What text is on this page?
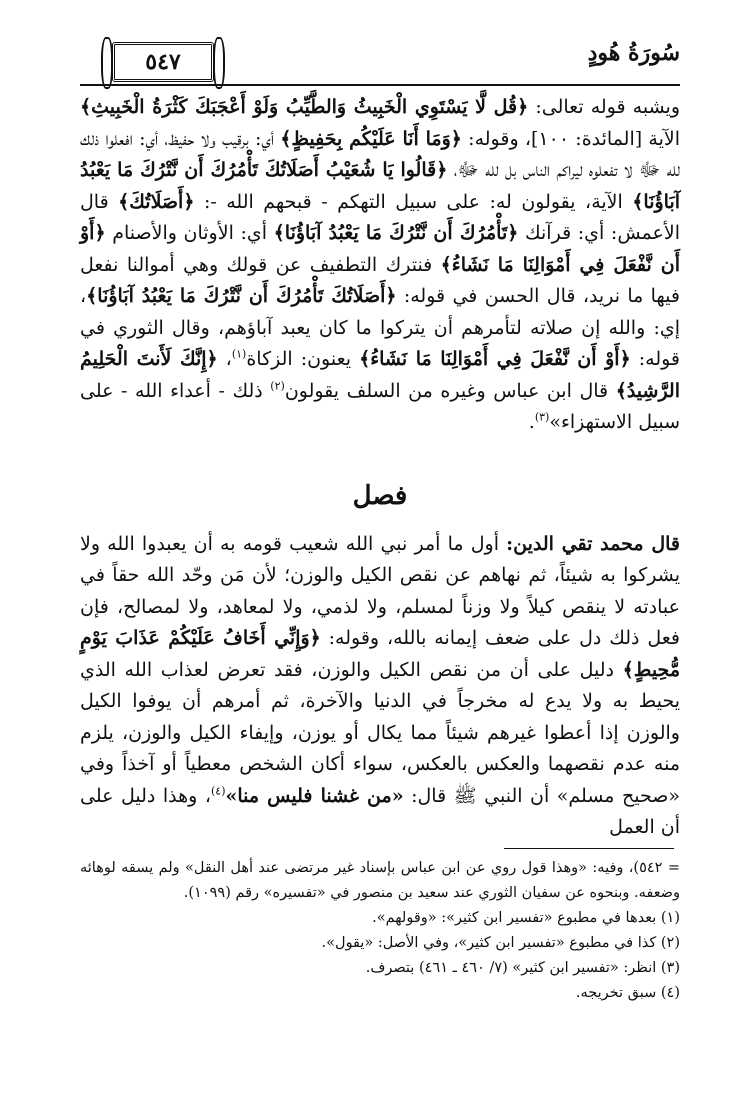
٥٤٧	سُورَةُ هُودٍ

ويشبه قوله تعالى: ﴿قُل لَّا يَسْتَوِي الْخَبِيثُ وَالطَّيِّبُ وَلَوْ أَعْجَبَكَ كَثْرَةُ الْخَبِيثِ﴾ الآية [المائدة: ١٠٠]، وقوله: ﴿وَمَا أَنَا عَلَيْكُم بِحَفِيظٍ﴾ أي: برقيب ولا حفيظ، أي: افعلوا ذلك لله ﷻ لا تفعلوه ليراكم الناس بل لله ﷻ، ﴿قَالُوا يَا شُعَيْبُ أَصَلَاتُكَ تَأْمُرُكَ أَن نَّتْرُكَ مَا يَعْبُدُ آبَاؤُنَا﴾ الآية، يقولون له: على سبيل التهكم - قبحهم الله -: ﴿أَصَلَاتُكَ﴾ قال الأعمش: أي: قرآنك ﴿تَأْمُرُكَ أَن نَّتْرُكَ مَا يَعْبُدُ آبَاؤُنَا﴾ أي: الأوثان والأصنام ﴿أَوْ أَن نَّفْعَلَ فِي أَمْوَالِنَا مَا نَشَاءُ﴾ فنترك التطفيف عن قولك وهي أموالنا نفعل فيها ما نريد، قال الحسن في قوله: ﴿أَصَلَاتُكَ تَأْمُرُكَ أَن نَّتْرُكَ مَا يَعْبُدُ آبَاؤُنَا﴾، إي: والله إن صلاته لتأمرهم أن يتركوا ما كان يعبد آباؤهم، وقال الثوري في قوله: ﴿أَوْ أَن نَّفْعَلَ فِي أَمْوَالِنَا مَا نَشَاءُ﴾ يعنون: الزكاة$^{(١)}$، ﴿إِنَّكَ لَأَنتَ الْحَلِيمُ الرَّشِيدُ﴾ قال ابن عباس وغيره من السلف يقولون$^{(٢)}$ ذلك - أعداء الله - على سبيل الاستهزاء»$^{(٣)}$.

فصل

قال محمد تقي الدين: أول ما أمر نبي الله شعيب قومه به أن يعبدوا الله ولا يشركوا به شيئاً، ثم نهاهم عن نقص الكيل والوزن؛ لأن مَن وحّد الله حقاً في عبادته لا ينقص كيلاً ولا وزناً لمسلم، ولا لذمي، ولا لمعاهد، ولا لمصالح، فإن فعل ذلك دل على ضعف إيمانه بالله، وقوله: ﴿وَإِنِّي أَخَافُ عَلَيْكُمْ عَذَابَ يَوْمٍ مُّحِيطٍ﴾ دليل على أن من نقص الكيل والوزن، فقد تعرض لعذاب الله الذي يحيط به ولا يدع له مخرجاً في الدنيا والآخرة، ثم أمرهم أن يوفوا الكيل والوزن إذا أعطوا غيرهم شيئاً مما يكال أو يوزن، وإيفاء الكيل والوزن، يلزم منه عدم نقصهما والعكس بالعكس، سواء أكان الشخص معطياً أو آخذاً وفي «صحيح مسلم» أن النبي ﷺ قال: «من غشنا فليس منا»$^{(٤)}$، وهذا دليل على أن العمل

= ٥٤٢)، وفيه: «وهذا قول روي عن ابن عباس بإسناد غير مرتضى عند أهل النقل» ولم يسقه لوهائه وضعفه. وبنحوه عن سفيان الثوري عند سعيد بن منصور في «تفسيره» رقم (١٠٩٩).

(١) بعدها في مطبوع «تفسير ابن كثير»: «وقولهم».

(٢) كذا في مطبوع «تفسير ابن كثير»، وفي الأصل: «يقول».

(٣) انظر: «تفسير ابن كثير» (٧/ ٤٦٠ ـ ٤٦١) بتصرف.

(٤) سبق تخريجه.
